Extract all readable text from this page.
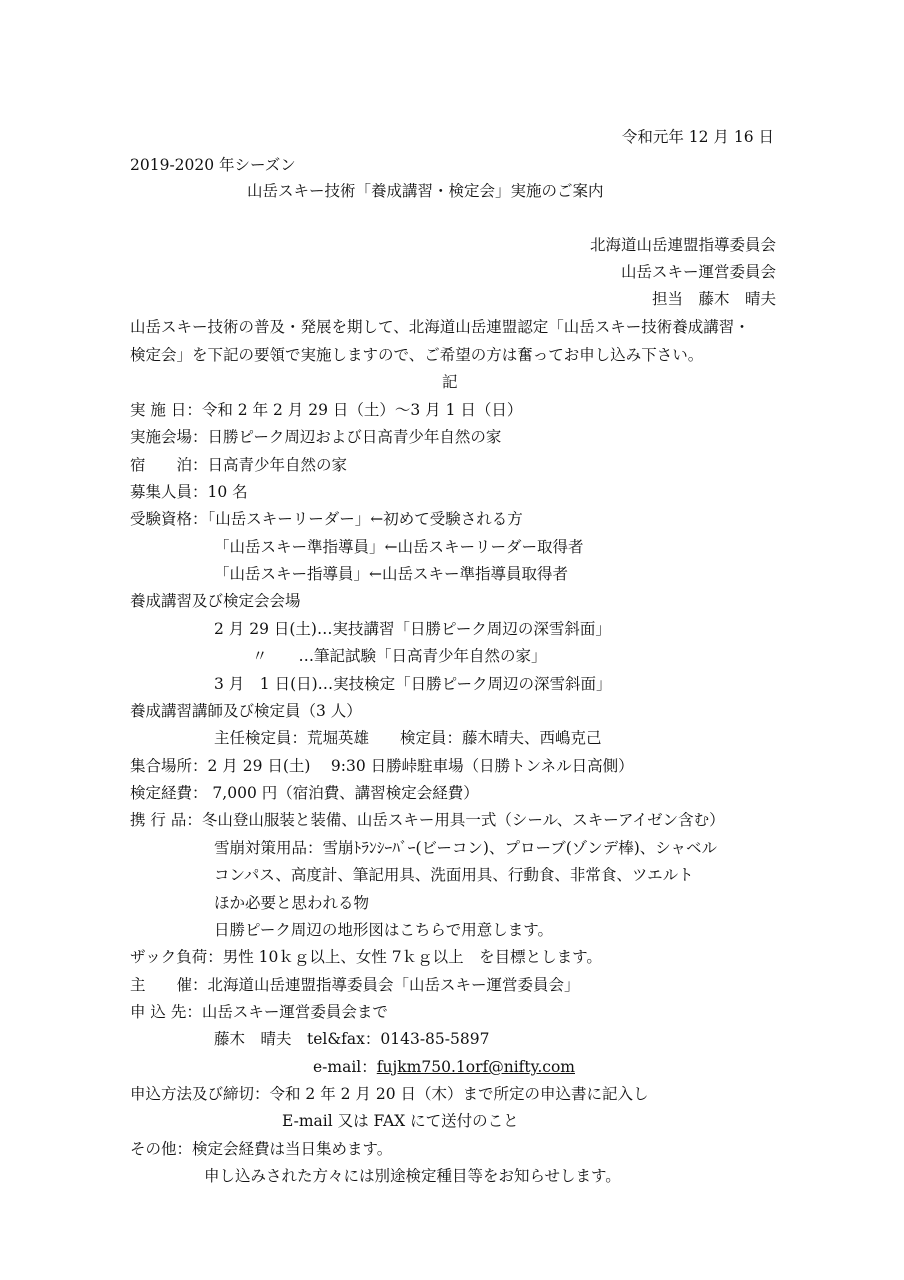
令和元年 12 月 16 日
2019-2020 年シーズン
山岳スキー技術「養成講習・検定会」実施のご案内
北海道山岳連盟指導委員会
山岳スキー運営委員会
担当　藤木　晴夫
山岳スキー技術の普及・発展を期して、北海道山岳連盟認定「山岳スキー技術養成講習・
検定会」を下記の要領で実施しますので、ご希望の方は奮ってお申し込み下さい。
記
実 施 日：令和 2 年 2 月 29 日（土）～3 月 1 日（日）
実施会場：日勝ピーク周辺および日高青少年自然の家
宿　　泊：日高青少年自然の家
募集人員：10 名
受験資格：「山岳スキーリーダー」←初めて受験される方
「山岳スキー準指導員」←山岳スキーリーダー取得者
「山岳スキー指導員」←山岳スキー準指導員取得者
養成講習及び検定会会場
2 月 29 日(土)…実技講習「日勝ピーク周辺の深雪斜面」
〃　　…筆記試験「日高青少年自然の家」
3 月　1 日(日)…実技検定「日勝ピーク周辺の深雪斜面」
養成講習講師及び検定員（3 人）
主任検定員：荒堀英雄　　検定員：藤木晴夫、西嶋克己
集合場所：2 月 29 日(土)　 9:30 日勝峠駐車場（日勝トンネル日高側）
検定経費： 7,000 円（宿泊費、講習検定会経費）
携 行 品：冬山登山服装と装備、山岳スキー用具一式（シール、スキーアイゼン含む）
雪崩対策用品：雪崩ﾄﾗﾝｼｰﾊﾞｰ(ビーコン)、プローブ(ゾンデ棒)、シャベル
コンパス、高度計、筆記用具、洗面用具、行動食、非常食、ツエルト
ほか必要と思われる物
日勝ピーク周辺の地形図はこちらで用意します。
ザック負荷：男性 10ｋｇ以上、女性 7ｋｇ以上　を目標とします。
主　　催：北海道山岳連盟指導委員会「山岳スキー運営委員会」
申 込 先：山岳スキー運営委員会まで
藤木　晴夫　tel&fax：0143-85-5897
e-mail：fujkm750.1orf@nifty.com
申込方法及び締切：令和 2 年 2 月 20 日（木）まで所定の申込書に記入し
E-mail 又は FAX にて送付のこと
その他：検定会経費は当日集めます。
申し込みされた方々には別途検定種目等をお知らせします。
